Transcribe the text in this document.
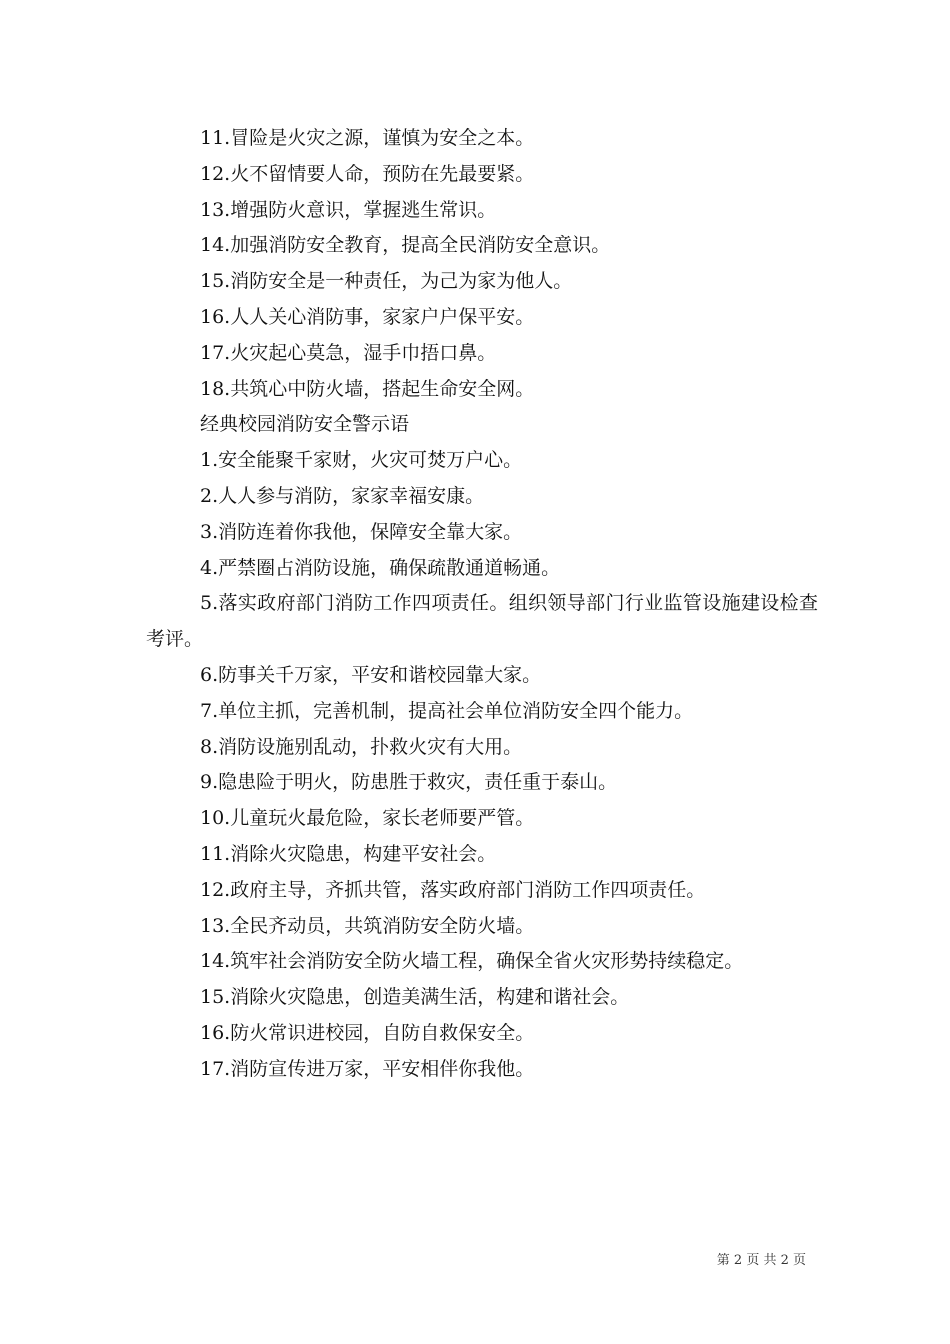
11.冒险是火灾之源，谨慎为安全之本。
12.火不留情要人命，预防在先最要紧。
13.增强防火意识，掌握逃生常识。
14.加强消防安全教育，提高全民消防安全意识。
15.消防安全是一种责任，为己为家为他人。
16.人人关心消防事，家家户户保平安。
17.火灾起心莫急，湿手巾捂口鼻。
18.共筑心中防火墙，搭起生命安全网。
经典校园消防安全警示语
1.安全能聚千家财，火灾可焚万户心。
2.人人参与消防，家家幸福安康。
3.消防连着你我他，保障安全靠大家。
4.严禁圈占消防设施，确保疏散通道畅通。
5.落实政府部门消防工作四项责任。组织领导部门行业监管设施建设检查考评。
6.防事关千万家，平安和谐校园靠大家。
7.单位主抓，完善机制，提高社会单位消防安全四个能力。
8.消防设施别乱动，扑救火灾有大用。
9.隐患险于明火，防患胜于救灾，责任重于泰山。
10.儿童玩火最危险，家长老师要严管。
11.消除火灾隐患，构建平安社会。
12.政府主导，齐抓共管，落实政府部门消防工作四项责任。
13.全民齐动员，共筑消防安全防火墙。
14.筑牢社会消防安全防火墙工程，确保全省火灾形势持续稳定。
15.消除火灾隐患，创造美满生活，构建和谐社会。
16.防火常识进校园，自防自救保安全。
17.消防宣传进万家，平安相伴你我他。
第 2 页 共 2 页
